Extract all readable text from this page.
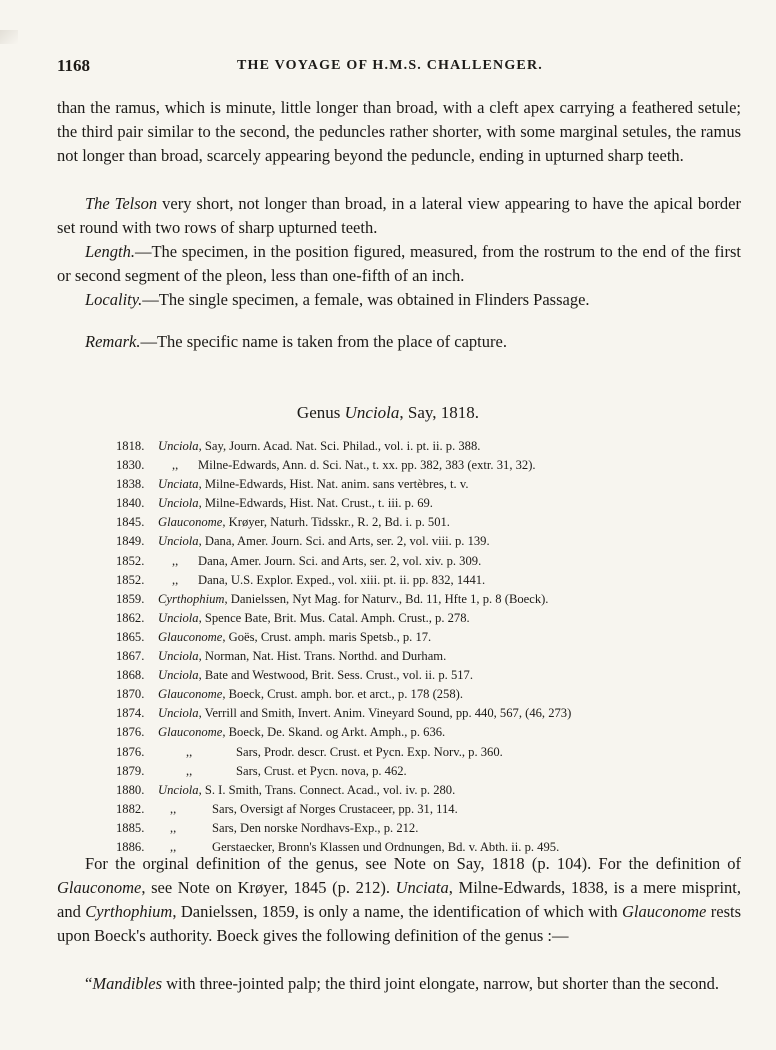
1168	THE VOYAGE OF H.M.S. CHALLENGER.

than the ramus, which is minute, little longer than broad, with a cleft apex carrying a feathered setule; the third pair similar to the second, the peduncles rather shorter, with some marginal setules, the ramus not longer than broad, scarcely appearing beyond the peduncle, ending in upturned sharp teeth.

The Telson very short, not longer than broad, in a lateral view appearing to have the apical border set round with two rows of sharp upturned teeth.

Length.—The specimen, in the position figured, measured, from the rostrum to the end of the first or second segment of the pleon, less than one-fifth of an inch.

Locality.—The single specimen, a female, was obtained in Flinders Passage.

Remark.—The specific name is taken from the place of capture.

Genus Unciola, Say, 1818.
1818.	Unciola, Say, Journ. Acad. Nat. Sci. Philad., vol. i. pt. ii. p. 388.
1830.	,, Milne-Edwards, Ann. d. Sci. Nat., t. xx. pp. 382, 383 (extr. 31, 32).
1838.	Unciata, Milne-Edwards, Hist. Nat. anim. sans vertèbres, t. v.
1840.	Unciola, Milne-Edwards, Hist. Nat. Crust., t. iii. p. 69.
1845.	Glauconome, Krøyer, Naturh. Tidsskr., R. 2, Bd. i. p. 501.
1849.	Unciola, Dana, Amer. Journ. Sci. and Arts, ser. 2, vol. viii. p. 139.
1852.	,, Dana, Amer. Journ. Sci. and Arts, ser. 2, vol. xiv. p. 309.
1852.	,, Dana, U.S. Explor. Exped., vol. xiii. pt. ii. pp. 832, 1441.
1859.	Cyrthophium, Danielssen, Nyt Mag. for Naturv., Bd. 11, Hfte 1, p. 8 (Boeck).
1862.	Unciola, Spence Bate, Brit. Mus. Catal. Amph. Crust., p. 278.
1865.	Glauconome, Goës, Crust. amph. maris Spetsb., p. 17.
1867.	Unciola, Norman, Nat. Hist. Trans. Northd. and Durham.
1868.	Unciola, Bate and Westwood, Brit. Sess. Crust., vol. ii. p. 517.
1870.	Glauconome, Boeck, Crust. amph. bor. et arct., p. 178 (258).
1874.	Unciola, Verrill and Smith, Invert. Anim. Vineyard Sound, pp. 440, 567, (46, 273)
1876.	Glauconome, Boeck, De. Skand. og Arkt. Amph., p. 636.
1876.	,,	Sars, Prodr. descr. Crust. et Pycn. Exp. Norv., p. 360.
1879.	,,	Sars, Crust. et Pycn. nova, p. 462.
1880.	Unciola, S. I. Smith, Trans. Connect. Acad., vol. iv. p. 280.
1882.	,,	Sars, Oversigt af Norges Crustaceer, pp. 31, 114.
1885.	,,	Sars, Den norske Nordhavs-Exp., p. 212.
1886.	,,	Gerstaecker, Bronn's Klassen und Ordnungen, Bd. v. Abth. ii. p. 495.

For the orginal definition of the genus, see Note on Say, 1818 (p. 104). For the definition of Glauconome, see Note on Krøyer, 1845 (p. 212). Unciata, Milne-Edwards, 1838, is a mere misprint, and Cyrthophium, Danielssen, 1859, is only a name, the identification of which with Glauconome rests upon Boeck's authority. Boeck gives the following definition of the genus :—

“Mandibles with three-jointed palp; the third joint elongate, narrow, but shorter than the second.
